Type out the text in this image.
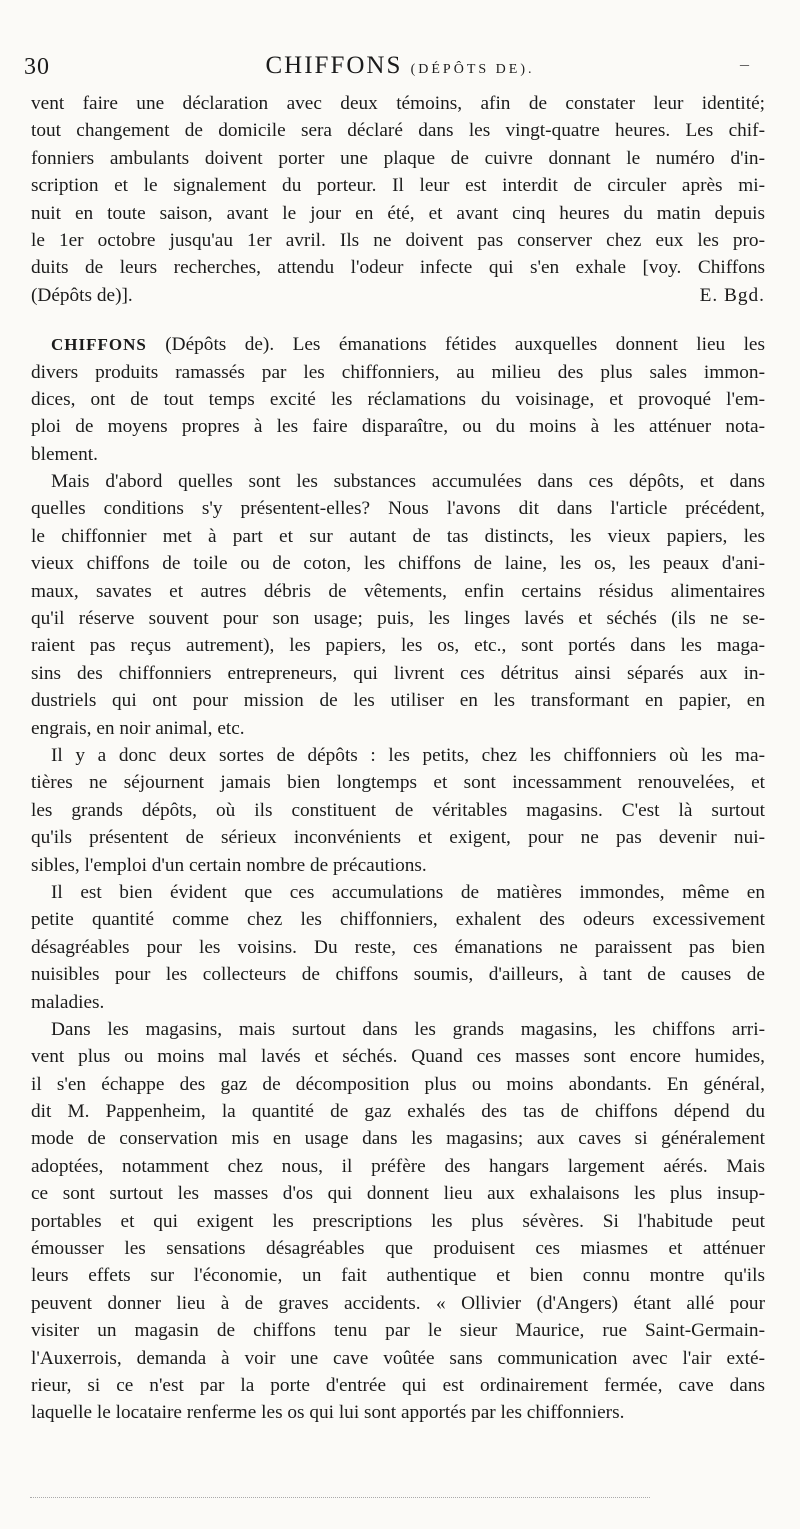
30	CHIFFONS (DÉPÔTS DE).	–
vent faire une déclaration avec deux témoins, afin de constater leur identité;
tout changement de domicile sera déclaré dans les vingt-quatre heures. Les chif-
fonniers ambulants doivent porter une plaque de cuivre donnant le numéro d'in-
scription et le signalement du porteur. Il leur est interdit de circuler après mi-
nuit en toute saison, avant le jour en été, et avant cinq heures du matin depuis
le 1er octobre jusqu'au 1er avril. Ils ne doivent pas conserver chez eux les pro-
duits de leurs recherches, attendu l'odeur infecte qui s'en exhale [voy. Chiffons
(Dépôts de)].	E. Bgd.
CHIFFONS (Dépôts de). Les émanations fétides auxquelles donnent lieu les
divers produits ramassés par les chiffonniers, au milieu des plus sales immon-
dices, ont de tout temps excité les réclamations du voisinage, et provoqué l'em-
ploi de moyens propres à les faire disparaître, ou du moins à les atténuer nota-
blement.
Mais d'abord quelles sont les substances accumulées dans ces dépôts, et dans
quelles conditions s'y présentent-elles? Nous l'avons dit dans l'article précédent,
le chiffonnier met à part et sur autant de tas distincts, les vieux papiers, les
vieux chiffons de toile ou de coton, les chiffons de laine, les os, les peaux d'ani-
maux, savates et autres débris de vêtements, enfin certains résidus alimentaires
qu'il réserve souvent pour son usage; puis, les linges lavés et séchés (ils ne se-
raient pas reçus autrement), les papiers, les os, etc., sont portés dans les maga-
sins des chiffonniers entrepreneurs, qui livrent ces détritus ainsi séparés aux in-
dustriels qui ont pour mission de les utiliser en les transformant en papier, en
engrais, en noir animal, etc.
Il y a donc deux sortes de dépôts : les petits, chez les chiffonniers où les ma-
tières ne séjournent jamais bien longtemps et sont incessamment renouvelées, et
les grands dépôts, où ils constituent de véritables magasins. C'est là surtout
qu'ils présentent de sérieux inconvénients et exigent, pour ne pas devenir nui-
sibles, l'emploi d'un certain nombre de précautions.
Il est bien évident que ces accumulations de matières immondes, même en
petite quantité comme chez les chiffonniers, exhalent des odeurs excessivement
désagréables pour les voisins. Du reste, ces émanations ne paraissent pas bien
nuisibles pour les collecteurs de chiffons soumis, d'ailleurs, à tant de causes de
maladies.
Dans les magasins, mais surtout dans les grands magasins, les chiffons arri-
vent plus ou moins mal lavés et séchés. Quand ces masses sont encore humides,
il s'en échappe des gaz de décomposition plus ou moins abondants. En général,
dit M. Pappenheim, la quantité de gaz exhalés des tas de chiffons dépend du
mode de conservation mis en usage dans les magasins; aux caves si généralement
adoptées, notamment chez nous, il préfère des hangars largement aérés. Mais
ce sont surtout les masses d'os qui donnent lieu aux exhalaisons les plus insup-
portables et qui exigent les prescriptions les plus sévères. Si l'habitude peut
émousser les sensations désagréables que produisent ces miasmes et atténuer
leurs effets sur l'économie, un fait authentique et bien connu montre qu'ils
peuvent donner lieu à de graves accidents. « Ollivier (d'Angers) étant allé pour
visiter un magasin de chiffons tenu par le sieur Maurice, rue Saint-Germain-
l'Auxerrois, demanda à voir une cave voûtée sans communication avec l'air exté-
rieur, si ce n'est par la porte d'entrée qui est ordinairement fermée, cave dans
laquelle le locataire renferme les os qui lui sont apportés par les chiffonniers.
